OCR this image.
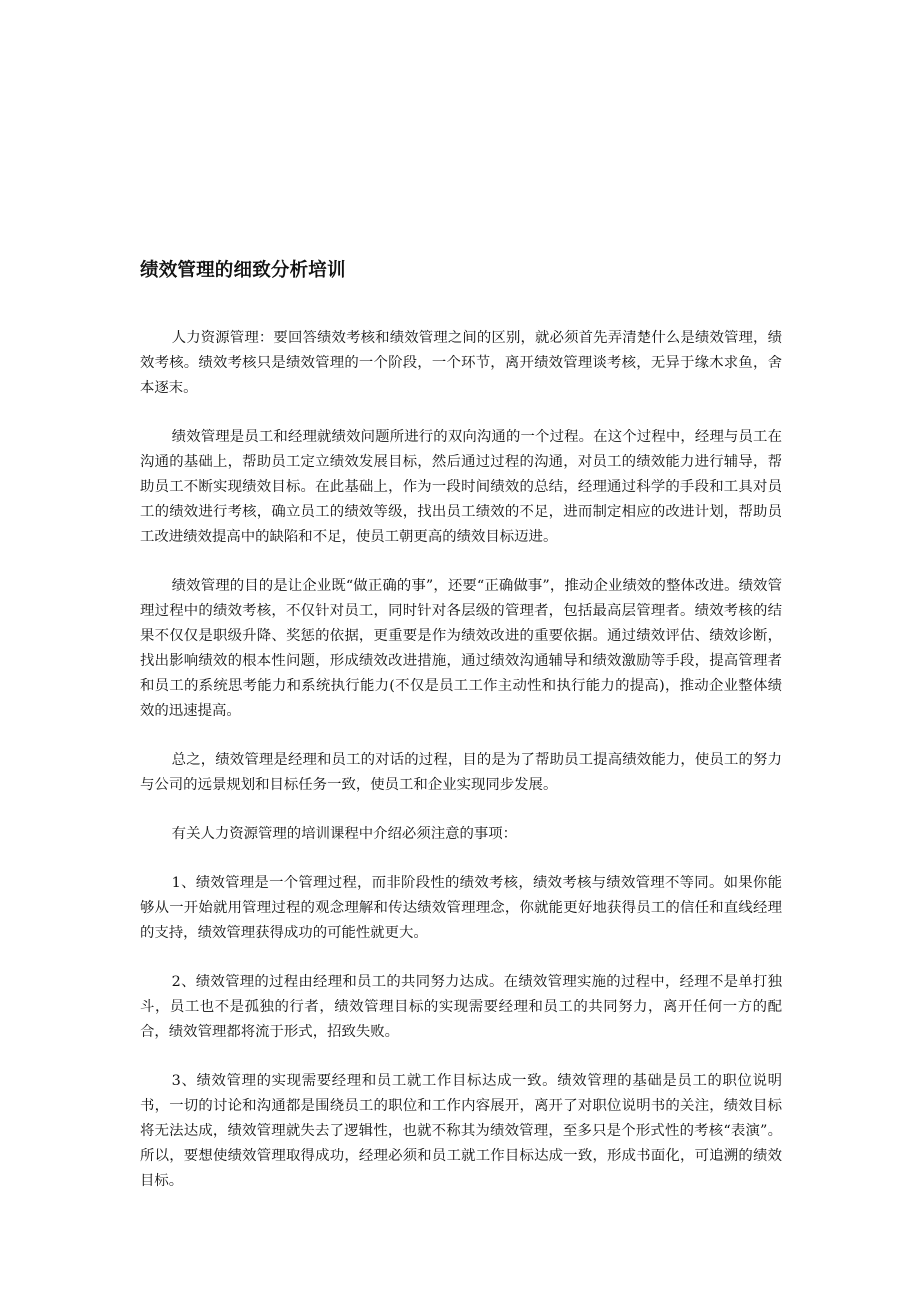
绩效管理的细致分析培训

人力资源管理：要回答绩效考核和绩效管理之间的区别，就必须首先弄清楚什么是绩效管理，绩效考核。绩效考核只是绩效管理的一个阶段，一个环节，离开绩效管理谈考核，无异于缘木求鱼，舍本逐末。

绩效管理是员工和经理就绩效问题所进行的双向沟通的一个过程。在这个过程中，经理与员工在沟通的基础上，帮助员工定立绩效发展目标，然后通过过程的沟通，对员工的绩效能力进行辅导，帮助员工不断实现绩效目标。在此基础上，作为一段时间绩效的总结，经理通过科学的手段和工具对员工的绩效进行考核，确立员工的绩效等级，找出员工绩效的不足，进而制定相应的改进计划，帮助员工改进绩效提高中的缺陷和不足，使员工朝更高的绩效目标迈进。

绩效管理的目的是让企业既“做正确的事”，还要“正确做事”，推动企业绩效的整体改进。绩效管理过程中的绩效考核，不仅针对员工，同时针对各层级的管理者，包括最高层管理者。绩效考核的结果不仅仅是职级升降、奖惩的依据，更重要是作为绩效改进的重要依据。通过绩效评估、绩效诊断，找出影响绩效的根本性问题，形成绩效改进措施，通过绩效沟通辅导和绩效激励等手段，提高管理者和员工的系统思考能力和系统执行能力(不仅是员工工作主动性和执行能力的提高)，推动企业整体绩效的迅速提高。

总之，绩效管理是经理和员工的对话的过程，目的是为了帮助员工提高绩效能力，使员工的努力与公司的远景规划和目标任务一致，使员工和企业实现同步发展。

有关人力资源管理的培训课程中介绍必须注意的事项：

1、绩效管理是一个管理过程，而非阶段性的绩效考核，绩效考核与绩效管理不等同。如果你能够从一开始就用管理过程的观念理解和传达绩效管理理念，你就能更好地获得员工的信任和直线经理的支持，绩效管理获得成功的可能性就更大。

2、绩效管理的过程由经理和员工的共同努力达成。在绩效管理实施的过程中，经理不是单打独斗，员工也不是孤独的行者，绩效管理目标的实现需要经理和员工的共同努力，离开任何一方的配合，绩效管理都将流于形式，招致失败。

3、绩效管理的实现需要经理和员工就工作目标达成一致。绩效管理的基础是员工的职位说明书，一切的讨论和沟通都是围绕员工的职位和工作内容展开，离开了对职位说明书的关注，绩效目标将无法达成，绩效管理就失去了逻辑性，也就不称其为绩效管理，至多只是个形式性的考核“表演”。所以，要想使绩效管理取得成功，经理必须和员工就工作目标达成一致，形成书面化，可追溯的绩效目标。
